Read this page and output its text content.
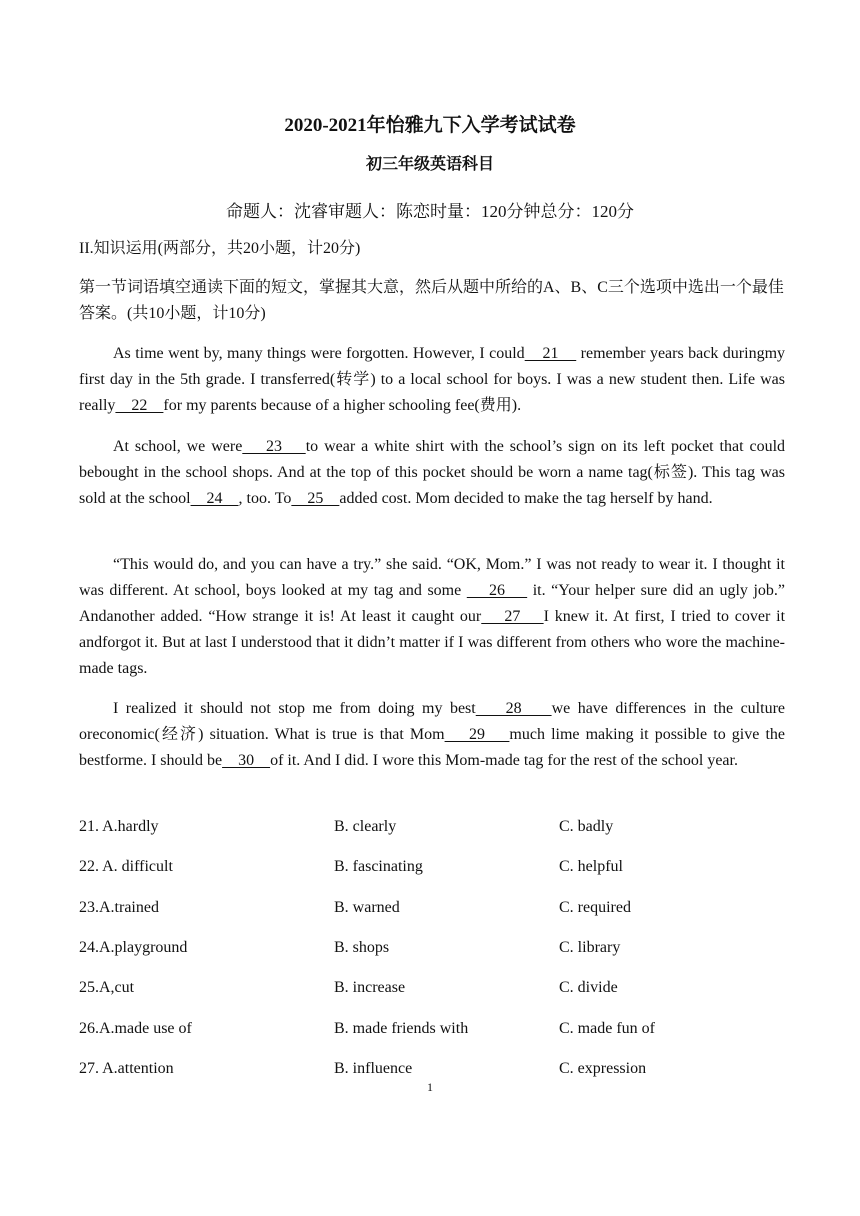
2020-2021年怡雅九下入学考试试卷
初三年级英语科目
命题人：沈睿审题人：陈恋时量：120分钟总分：120分
II.知识运用(两部分，共20小题，计20分)
第一节词语填空通读下面的短文，掌握其大意，然后从题中所给的A、B、C三个选项中选出一个最佳答案。(共10小题，计10分)
As time went by, many things were forgotten. However, I could    21     remember years back duringmy first day in the 5th grade. I transferred(转学) to a local school for boys. I was a new student then. Life was really    22    for my parents because of a higher schooling fee(费用).
At school, we were    23    to wear a white shirt with the school’s sign on its left pocket that could bebought in the school shops. And at the top of this pocket should be worn a name tag(标签). This tag was sold at the school    24    , too. To    25    added cost. Mom decided to make the tag herself by hand.
“This would do, and you can have a try.” she said. “OK, Mom.” I was not ready to wear it. I thought it was different. At school, boys looked at my tag and some     26     it. “Your helper sure did an ugly job.” Andanother added. “How strange it is! At least it caught our    27    I knew it. At first, I tried to cover it andforgot it. But at last I understood that it didn’t matter if I was different from others who wore the machine- made tags.
I realized it should not stop me from doing my best    28    we have differences in the culture oreconomic(经济) situation. What is true is that Mom    29    much lime making it possible to give the bestforme. I should be    30    of it. And I did. I wore this Mom-made tag for the rest of the school year.
21. A.hardly	B. clearly	C. badly
22. A. difficult	B. fascinating	C. helpful
23.A.trained	B. warned	C. required
24.A.playground	B. shops	C. library
25.A,cut	B. increase	C. divide
26.A.made use of	B. made friends with	C. made fun of
27. A.attention	B. influence	C. expression
1
